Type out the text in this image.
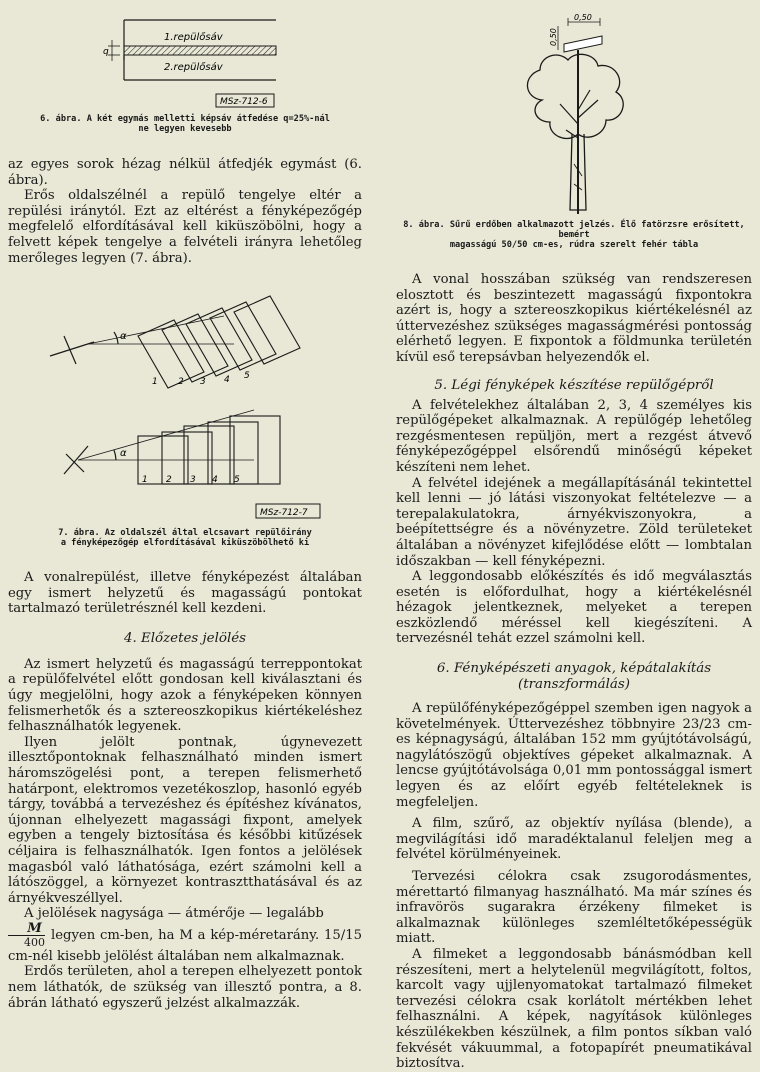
q
1.repülősáv
2.repülősáv
MSz-712-6

6. ábra. A két egymás melletti képsáv átfedése q=25%-nál

ne legyen kevesebb

az egyes sorok hézag nélkül átfedjék egymást (6. ábra).

Erős oldalszélnél a repülő tengelye eltér a repülési iránytól. Ezt az eltérést a fényképezőgép megfelelő elfordításával kell kiküszöbölni, hogy a felvett képek tengelye a felvételi irányra lehetőleg merőleges legyen (7. ábra).

α
1 2 3 4 5
α
1 2 3 4 5
MSz-712-7

7. ábra. Az oldalszél által elcsavart repülőirány

a fényképezőgép elfordításával kiküszöbölhető ki

A vonalrepülést, illetve fényképezést általában egy ismert helyzetű és magasságú pontokat tartalmazó területrésznél kell kezdeni.

4. Előzetes jelölés

Az ismert helyzetű és magasságú terreppontokat a repülőfelvétel előtt gondosan kell kiválasztani és úgy megjelölni, hogy azok a fényképeken könnyen felismerhetők és a sztereoszkopikus kiértékeléshez felhasználhatók legyenek.

Ilyen jelölt pontnak, úgynevezett illesztőpontoknak felhasználható minden ismert háromszögelési pont, a terepen felismerhető határpont, elektromos vezetékoszlop, hasonló egyéb tárgy, továbbá a tervezéshez és építéshez kívánatos, újonnan elhelyezett magassági fixpont, amelyek egyben a tengely biztosítása és későbbi kitűzések céljaira is felhasználhatók. Igen fontos a jelölések magasból való láthatósága, ezért számolni kell a látószöggel, a környezet kontrasztthatásával és az árnyékveszéllyel.

A jelölések nagysága — átmérője — legalább

$\frac{M}{400}$ legyen cm-ben, ha M a kép-méretarány. 15/15 cm-nél kisebb jelölést általában nem alkalmaznak.

Erdős területen, ahol a terepen elhelyezett pontok nem láthatók, de szükség van illesztő pontra, a 8. ábrán látható egyszerű jelzést alkalmazzák.

0,50
0,50

8. ábra. Sűrű erdőben alkalmazott jelzés. Élő fatörzsre erősített, bemért

magasságú 50/50 cm-es, rúdra szerelt fehér tábla

A vonal hosszában szükség van rendszeresen elosztott és beszintezett magasságú fixpontokra azért is, hogy a sztereoszkopikus kiértékelésnél az úttervezéshez szükséges magasságmérési pontosság elérhető legyen. E fixpontok a földmunka területén kívül eső terepsávban helyezendők el.

5. Légi fényképek készítése repülőgépről

A felvételekhez általában 2, 3, 4 személyes kis repülőgépeket alkalmaznak. A repülőgép lehetőleg rezgésmentesen repüljön, mert a rezgést átvevő fényképezőgéppel elsőrendű minőségű képeket készíteni nem lehet.

A felvétel idejének a megállapításánál tekintettel kell lenni — jó látási viszonyokat feltételezve — a terepalakulatokra, árnyékviszonyokra, a beépítettségre és a növényzetre. Zöld területeket általában a növényzet kifejlődése előtt — lombtalan időszakban — kell fényképezni.

A leggondosabb előkészítés és idő megválasztás esetén is előfordulhat, hogy a kiértékelésnél hézagok jelentkeznek, melyeket a terepen eszközlendő méréssel kell kiegészíteni. A tervezésnél tehát ezzel számolni kell.

6. Fényképészeti anyagok, képátalakítás
(transzformálás)

A repülőfényképezőgéppel szemben igen nagyok a követelmények. Úttervezéshez többnyire 23/23 cm-es képnagyságú, általában 152 mm gyújtótávolságú, nagylátószögű objektíves gépeket alkalmaznak. A lencse gyújtótávolsága 0,01 mm pontossággal ismert legyen és az előírt egyéb feltételeknek is megfeleljen.

A film, szűrő, az objektív nyílása (blende), a megvilágítási idő maradéktalanul feleljen meg a felvétel körülményeinek.

Tervezési célokra csak zsugorodásmentes, mérettartó filmanyag használható. Ma már színes és infravörös sugarakra érzékeny filmeket is alkalmaznak különleges szemléltetőképességük miatt.

A filmeket a leggondosabb bánásmódban kell részesíteni, mert a helytelenül megvilágított, foltos, karcolt vagy ujjlenyomatokat tartalmazó filmeket tervezési célokra csak korlátolt mértékben lehet felhasználni. A képek, nagyítások különleges készülékekben készülnek, a film pontos síkban való fekvését vákuummal, a fotopapírét pneumatikával biztosítva.
